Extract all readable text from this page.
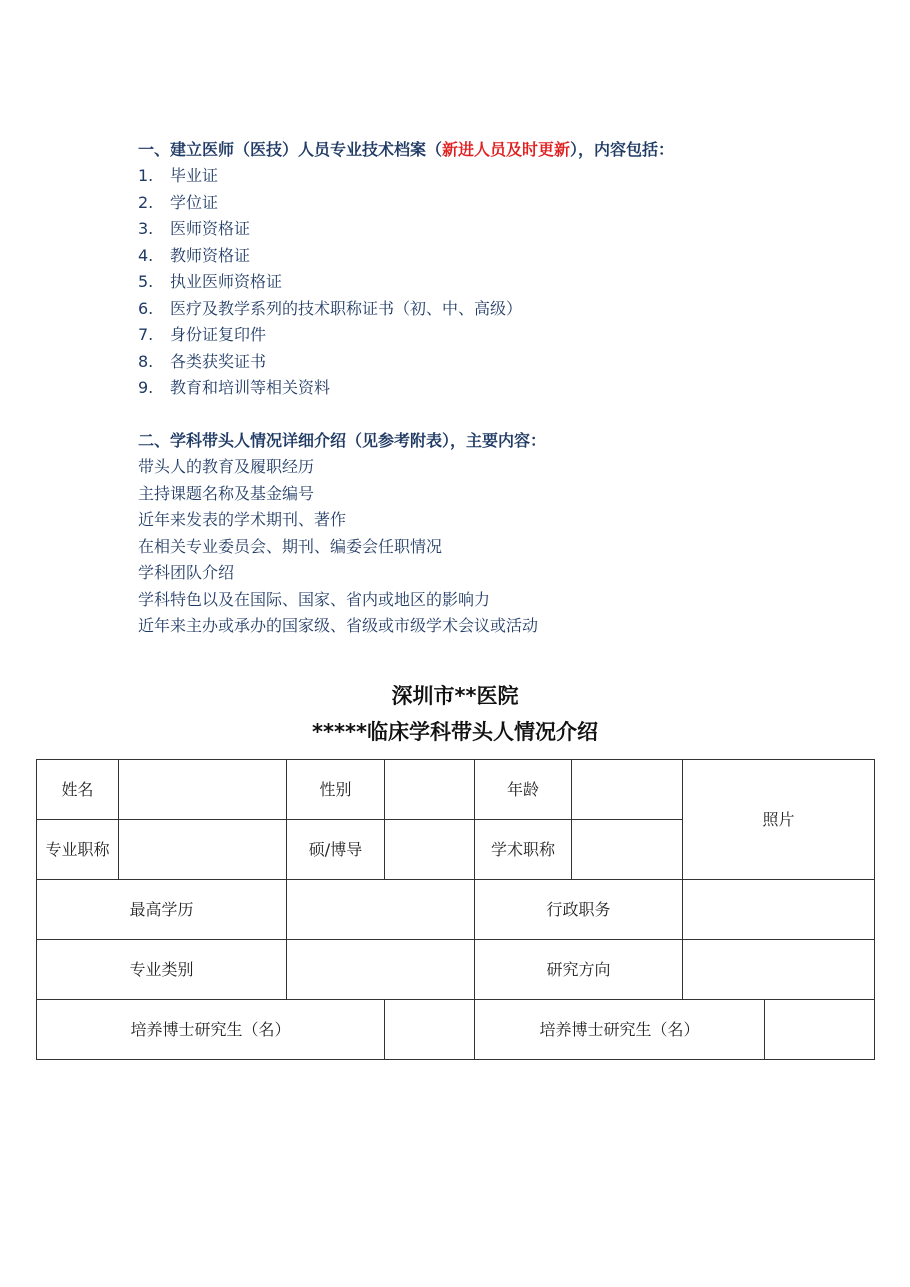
一、建立医师（医技）人员专业技术档案（新进人员及时更新），内容包括：
1. 毕业证
2. 学位证
3. 医师资格证
4. 教师资格证
5. 执业医师资格证
6. 医疗及教学系列的技术职称证书（初、中、高级）
7. 身份证复印件
8. 各类获奖证书
9. 教育和培训等相关资料
二、学科带头人情况详细介绍（见参考附表），主要内容：
带头人的教育及履职经历
主持课题名称及基金编号
近年来发表的学术期刊、著作
在相关专业委员会、期刊、编委会任职情况
学科团队介绍
学科特色以及在国际、国家、省内或地区的影响力
近年来主办或承办的国家级、省级或市级学术会议或活动
深圳市**医院
*****临床学科带头人情况介绍
姓名		性别		年龄		照片	
专业职称		硕/博导		学术职称			
最高学历				行政职务			
专业类别				研究方向			
培养博士研究生（名）				培养博士研究生（名）			
